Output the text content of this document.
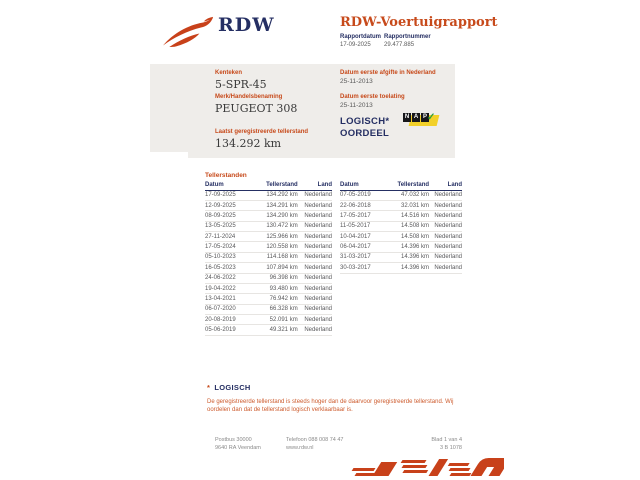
RDW	RDW-Voertuigrapport
Rapportdatum
17-09-2025
Rapportnummer
29.477.885
Kenteken
5-SPR-45
Merk/Handelsbenaming
PEUGEOT 308
Laatst geregistreerde tellerstand
134.292 km
Datum eerste afgifte in Nederland
25-11-2013
Datum eerste toelating
25-11-2013
LOGISCH*
OORDEEL
N A P ✓
Tellerstanden
Datum	Tellerstand	Land
17-09-2025	134.292 km	Nederland
12-09-2025	134.291 km	Nederland
08-09-2025	134.290 km	Nederland
13-05-2025	130.472 km	Nederland
27-11-2024	125.966 km	Nederland
17-05-2024	120.558 km	Nederland
05-10-2023	114.168 km	Nederland
16-05-2023	107.894 km	Nederland
24-06-2022	96.398 km	Nederland
19-04-2022	93.480 km	Nederland
13-04-2021	76.942 km	Nederland
06-07-2020	66.328 km	Nederland
20-08-2019	52.091 km	Nederland
05-06-2019	49.321 km	Nederland
Datum	Tellerstand	Land
07-05-2019	47.032 km	Nederland
22-06-2018	32.031 km	Nederland
17-05-2017	14.516 km	Nederland
11-05-2017	14.508 km	Nederland
10-04-2017	14.508 km	Nederland
06-04-2017	14.396 km	Nederland
31-03-2017	14.396 km	Nederland
30-03-2017	14.396 km	Nederland
* LOGISCH
De geregistreerde tellerstand is steeds hoger dan de daarvoor geregistreerde tellerstand. Wij oordelen dan dat de tellerstand logisch verklaarbaar is.
Postbus 30000
9640 RA Veendam
Telefoon 088 008 74 47
www.rdw.nl
Blad 1 van 4
3 B 1078
